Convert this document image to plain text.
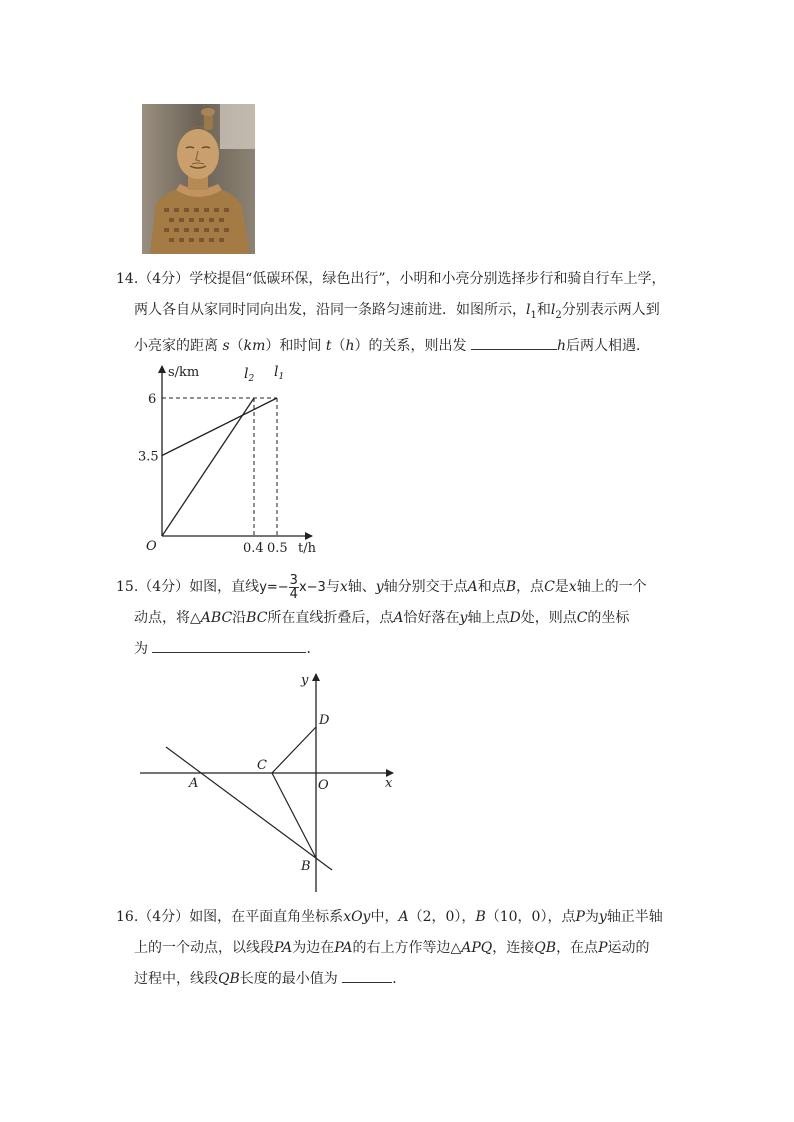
14.（4分）学校提倡“低碳环保，绿色出行”，小明和小亮分别选择步行和骑自行车上学，

两人各自从家同时同向出发，沿同一条路匀速前进．如图所示，$l_1$和$l_2$分别表示两人到

小亮家的距离 s（km）和时间 t（h）的关系，则出发	h后两人相遇．

s/km
t/h
O
6
3.5
0.4 0.5
$l_2$ $l_1$

15.（4分）如图，直线$y=- \frac{3}{4} x-3$与x轴、y轴分别交于点A和点B，点C是x轴上的一个

动点，将△ABC沿BC所在直线折叠后，点A恰好落在y轴上点D处，则点C的坐标

为	．

y
x
D
C
A	O
B

16.（4分）如图，在平面直角坐标系xOy中，A（2，0），B（10，0），点P为y轴正半轴

上的一个动点，以线段PA为边在PA的右上方作等边△APQ，连接QB，在点P运动的

过程中，线段QB长度的最小值为	．
